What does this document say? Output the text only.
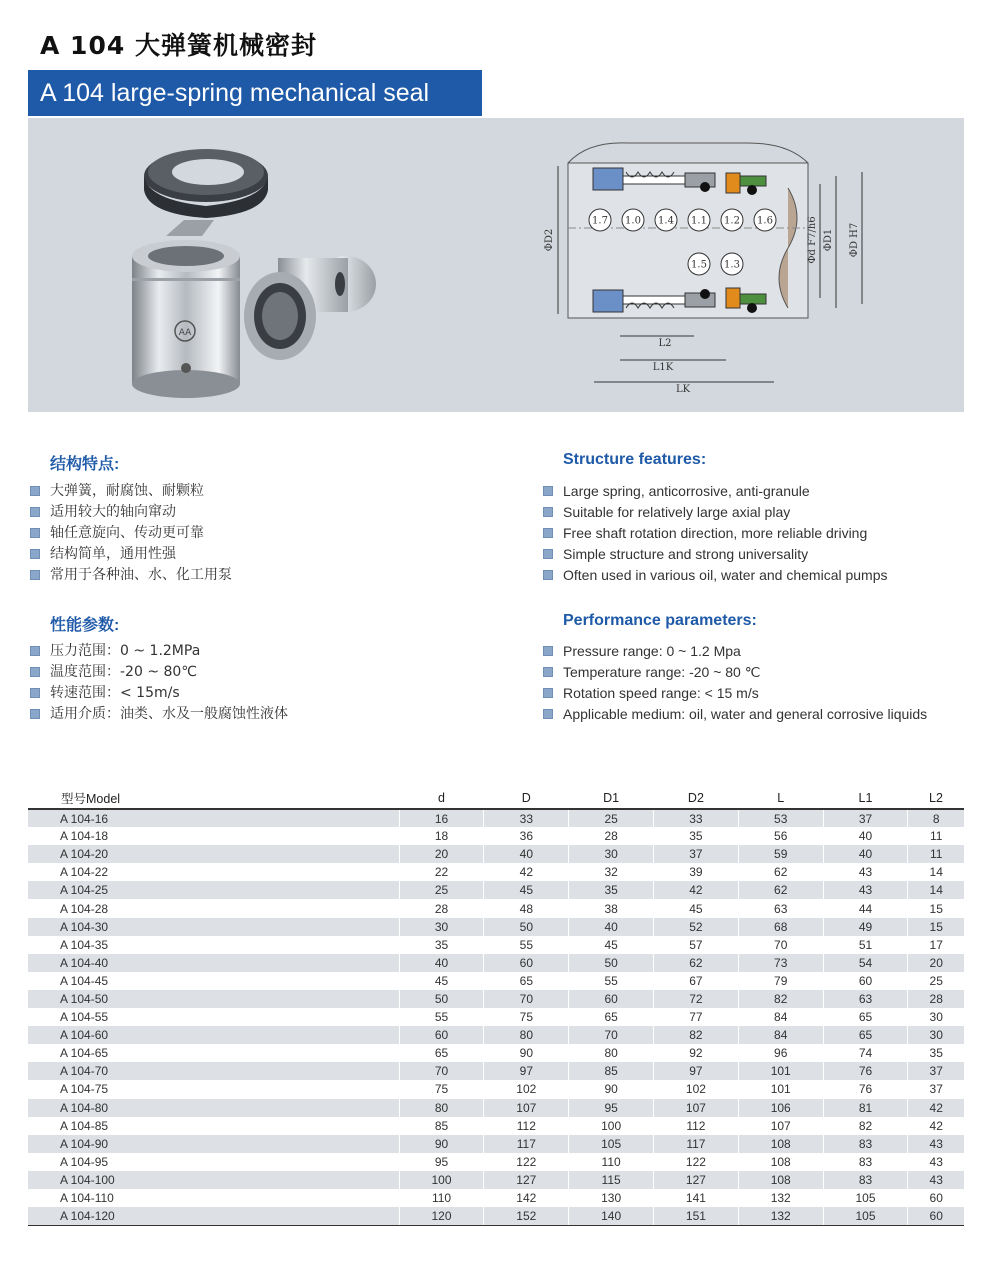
A 104 大弹簧机械密封
A 104 large-spring mechanical seal
AA
1.7 1.0 1.4 1.1 1.2 1.6
1.5 1.3
ΦD2	Φd F7/h6 ΦD1 ΦD H7
L2
L1K
LK
结构特点:
大弹簧，耐腐蚀、耐颗粒
适用较大的轴向窜动
轴任意旋向、传动更可靠
结构简单，通用性强
常用于各种油、水、化工用泵
Structure features:
Large spring, anticorrosive, anti-granule
Suitable for relatively large axial play
Free shaft rotation direction, more reliable driving
Simple structure and strong universality
Often used in various oil, water and chemical pumps
性能参数:
压力范围：0 ~ 1.2MPa
温度范围：-20 ~ 80℃
转速范围：< 15m/s
适用介质：油类、水及一般腐蚀性液体
Performance parameters:
Pressure range: 0 ~ 1.2 Mpa
Temperature range: -20 ~ 80 ℃
Rotation speed range: < 15 m/s
Applicable medium: oil, water and general corrosive liquids
型号Model	d	D	D1	D2	L	L1	L2
A 104-16	16	33	25	33	53	37	8
A 104-18	18	36	28	35	56	40	11
A 104-20	20	40	30	37	59	40	11
A 104-22	22	42	32	39	62	43	14
A 104-25	25	45	35	42	62	43	14
A 104-28	28	48	38	45	63	44	15
A 104-30	30	50	40	52	68	49	15
A 104-35	35	55	45	57	70	51	17
A 104-40	40	60	50	62	73	54	20
A 104-45	45	65	55	67	79	60	25
A 104-50	50	70	60	72	82	63	28
A 104-55	55	75	65	77	84	65	30
A 104-60	60	80	70	82	84	65	30
A 104-65	65	90	80	92	96	74	35
A 104-70	70	97	85	97	101	76	37
A 104-75	75	102	90	102	101	76	37
A 104-80	80	107	95	107	106	81	42
A 104-85	85	112	100	112	107	82	42
A 104-90	90	117	105	117	108	83	43
A 104-95	95	122	110	122	108	83	43
A 104-100	100	127	115	127	108	83	43
A 104-110	110	142	130	141	132	105	60
A 104-120	120	152	140	151	132	105	60
